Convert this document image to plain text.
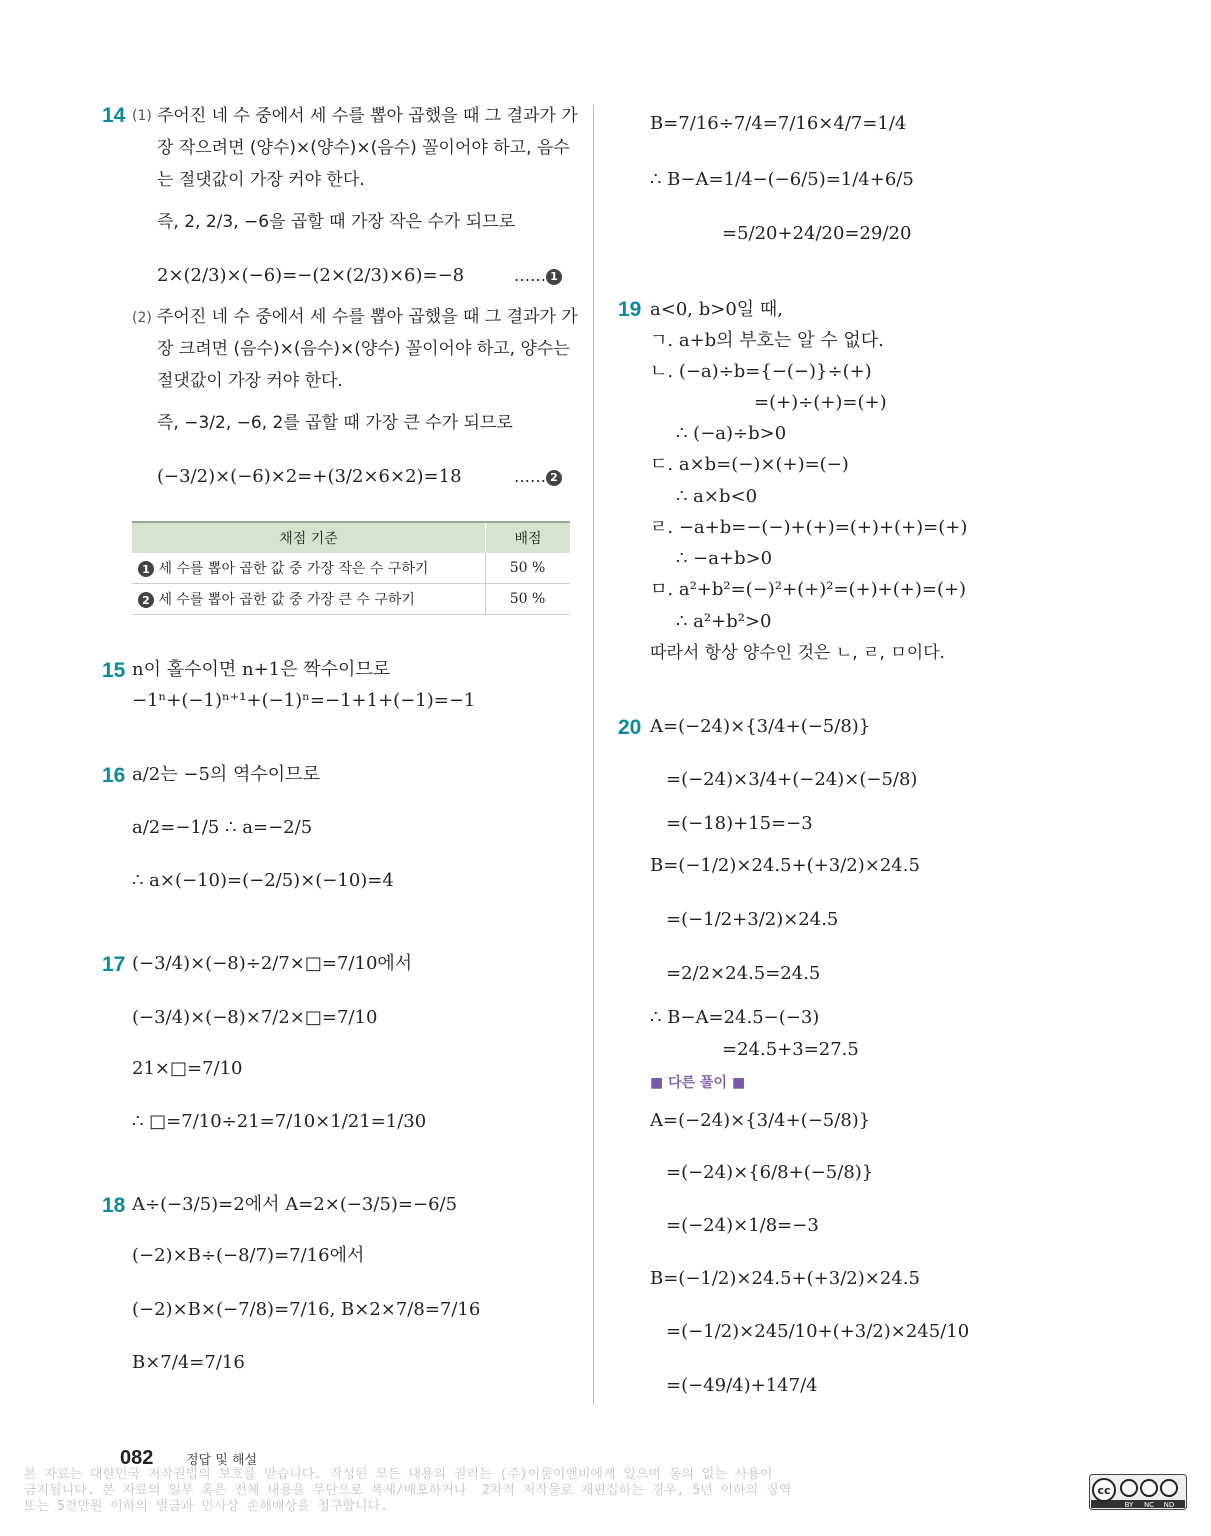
14 (1) 주어진 네 수 중에서 세 수를 뽑아 곱했을 때 그 결과가 가
장 작으려면 (양수)×(양수)×(음수) 꼴이어야 하고, 음수
는 절댓값이 가장 커야 한다.
즉, 2, 2/3, −6을 곱할 때 가장 작은 수가 되므로
2×(2/3)×(−6)=−(2×(2/3)×6)=−8	…… 1
(2) 주어진 네 수 중에서 세 수를 뽑아 곱했을 때 그 결과가 가
장 크려면 (음수)×(음수)×(양수) 꼴이어야 하고, 양수는
절댓값이 가장 커야 한다.
즉, −3/2, −6, 2를 곱할 때 가장 큰 수가 되므로
(−3/2)×(−6)×2=+(3/2×6×2)=18	…… 2
채점 기준	배점
1 세 수를 뽑아 곱한 값 중 가장 작은 수 구하기	50 %
2 세 수를 뽑아 곱한 값 중 가장 큰 수 구하기	50 %
15 n이 홀수이면 n+1은 짝수이므로
−1ⁿ+(−1)ⁿ⁺¹+(−1)ⁿ=−1+1+(−1)=−1
16 a/2는 −5의 역수이므로
a/2=−1/5 ∴ a=−2/5
∴ a×(−10)=(−2/5)×(−10)=4
17 (−3/4)×(−8)÷2/7×□=7/10에서
(−3/4)×(−8)×7/2×□=7/10
21×□=7/10
∴ □=7/10÷21=7/10×1/21=1/30
18 A÷(−3/5)=2에서 A=2×(−3/5)=−6/5
(−2)×B÷(−8/7)=7/16에서
(−2)×B×(−7/8)=7/16, B×2×7/8=7/16
B×7/4=7/16
B=7/16÷7/4=7/16×4/7=1/4
∴ B−A=1/4−(−6/5)=1/4+6/5
=5/20+24/20=29/20
19 a<0, b>0일 때,
ㄱ. a+b의 부호는 알 수 없다.
ㄴ. (−a)÷b={−(−)}÷(+)
=(+)÷(+)=(+)
∴ (−a)÷b>0
ㄷ. a×b=(−)×(+)=(−)
∴ a×b<0
ㄹ. −a+b=−(−)+(+)=(+)+(+)=(+)
∴ −a+b>0
ㅁ. a²+b²=(−)²+(+)²=(+)+(+)=(+)
∴ a²+b²>0
따라서 항상 양수인 것은 ㄴ, ㄹ, ㅁ이다.
20 A=(−24)×{3/4+(−5/8)}
=(−24)×3/4+(−24)×(−5/8)
=(−18)+15=−3
B=(−1/2)×24.5+(+3/2)×24.5
=(−1/2+3/2)×24.5
=2/2×24.5=24.5
∴ B−A=24.5−(−3)
=24.5+3=27.5
■ 다른 풀이 ■
A=(−24)×{3/4+(−5/8)}
=(−24)×{6/8+(−5/8)}
=(−24)×1/8=−3
B=(−1/2)×24.5+(+3/2)×24.5
=(−1/2)×245/10+(+3/2)×245/10
=(−49/4)+147/4
082	정답 및 해설
본 자료는 대한민국 저작권법의 보호를 받습니다. 작성된 모든 내용의 권리는 (주)이룸이앤비에게 있으며 동의 없는 사용이
금지됩니다. 본 자료의 일부 혹은 전체 내용을 무단으로 복제/배포하거나  2차적 저작물로 재편집하는 경우, 5년 이하의 징역
또는 5천만원 이하의 벌금과 민사상 손해배상을 청구합니다.
cc
BY NC ND
